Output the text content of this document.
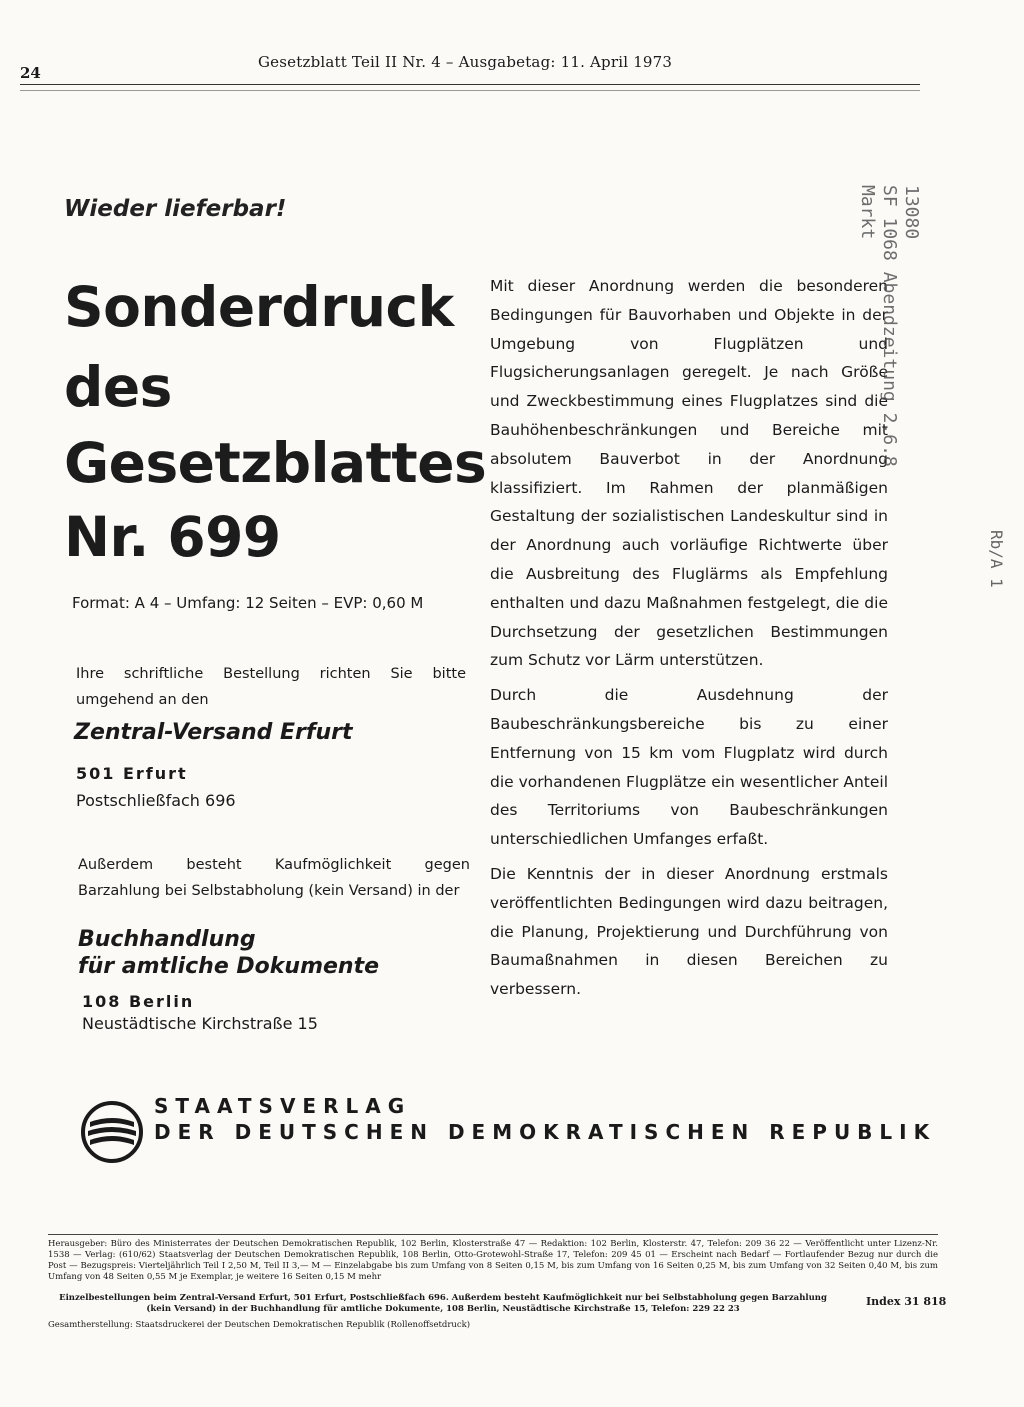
24
Gesetzblatt Teil II Nr. 4 – Ausgabetag: 11. April 1973
Wieder lieferbar!
Sonderdruck
des
Gesetzblattes
Nr. 699
Format: A 4 – Umfang: 12 Seiten – EVP: 0,60 M
Ihre schriftliche Bestellung richten Sie bitte umgehend an den
Zentral-Versand Erfurt
501 Erfurt
Postschließfach 696
Außerdem besteht Kaufmöglichkeit gegen Barzahlung bei Selbstabholung (kein Versand) in der
Buchhandlung
für amtliche Dokumente
108 Berlin
Neustädtische Kirchstraße 15

Mit dieser Anordnung werden die besonderen Bedingungen für Bauvorhaben und Objekte in der Umgebung von Flugplätzen und Flugsicherungsanlagen geregelt. Je nach Größe und Zweckbestimmung eines Flugplatzes sind die Bauhöhenbeschränkungen und Bereiche mit absolutem Bauverbot in der Anordnung klassifiziert. Im Rahmen der planmäßigen Gestaltung der sozialistischen Landeskultur sind in der Anordnung auch vorläufige Richtwerte über die Ausbreitung des Fluglärms als Empfehlung enthalten und dazu Maßnahmen festgelegt, die die Durchsetzung der gesetzlichen Bestimmungen zum Schutz vor Lärm unterstützen.

Durch die Ausdehnung der Baubeschränkungsbereiche bis zu einer Entfernung von 15 km vom Flugplatz wird durch die vorhandenen Flugplätze ein wesentlicher Anteil des Territoriums von Baubeschränkungen unterschiedlichen Umfanges erfaßt.

Die Kenntnis der in dieser Anordnung erstmals veröffentlichten Bedingungen wird dazu beitragen, die Planung, Projektierung und Durchführung von Baumaßnahmen in diesen Bereichen zu verbessern.

STAATSVERLAG
DER DEUTSCHEN DEMOKRATISCHEN REPUBLIK
Herausgeber: Büro des Ministerrates der Deutschen Demokratischen Republik, 102 Berlin, Klosterstraße 47 — Redaktion: 102 Berlin, Klosterstr. 47, Telefon: 209 36 22 — Veröffentlicht unter Lizenz-Nr. 1538 — Verlag: (610/62) Staatsverlag der Deutschen Demokratischen Republik, 108 Berlin, Otto-Grotewohl-Straße 17, Telefon: 209 45 01 — Erscheint nach Bedarf — Fortlaufender Bezug nur durch die Post — Bezugspreis: Vierteljährlich Teil I 2,50 M, Teil II 3,— M — Einzelabgabe bis zum Umfang von 8 Seiten 0,15 M, bis zum Umfang von 16 Seiten 0,25 M, bis zum Umfang von 32 Seiten 0,40 M, bis zum Umfang von 48 Seiten 0,55 M je Exemplar, je weitere 16 Seiten 0,15 M mehr
Einzelbestellungen beim Zentral-Versand Erfurt, 501 Erfurt, Postschließfach 696. Außerdem besteht Kaufmöglichkeit nur bei Selbstabholung gegen Barzahlung (kein Versand) in der Buchhandlung für amtliche Dokumente, 108 Berlin, Neustädtische Kirchstraße 15, Telefon: 229 22 23
Index 31 818
Gesamtherstellung: Staatsdruckerei der Deutschen Demokratischen Republik (Rollenoffsetdruck)
13080
SF 1068 Abendzeitung 2.6.8
Markt
Rb/A 1
